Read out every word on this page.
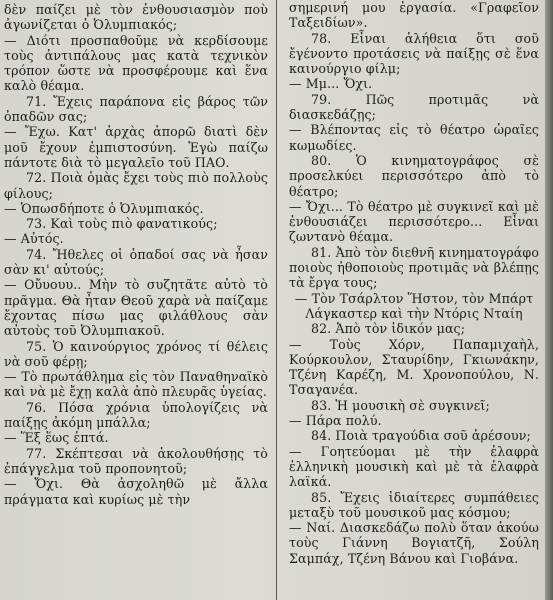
δὲν παίζει μὲ τὸν ἐνθουσιασμὸν ποὺ ἀγωνίζεται ὁ Ὀλυμπιακός;

— Διότι προσπαθοῦμε νὰ κερδίσουμε τοὺς ἀντιπάλους μας κατὰ τεχνικὸν τρόπον ὥστε νὰ προσφέρουμε καὶ ἕνα καλὸ θέαμα.

71. Ἔχεις παράπονα εἰς βάρος τῶν ὀπαδῶν σας;

— Ἔχω. Κατ' ἀρχὰς ἀπορῶ διατὶ δὲν μοῦ ἔχουν ἐμπιστοσύνη. Ἐγὼ παίζω πάντοτε διὰ τὸ μεγαλεῖο τοῦ ΠΑΟ.

72. Ποιὰ ὁμὰς ἔχει τοὺς πιὸ πολλοὺς φίλους;

— Ὁπωσδήποτε ὁ Ὀλυμπιακός.

73. Καὶ τοὺς πιὸ φανατικούς;

— Αὐτός.

74. Ἤθελες οἱ ὀπαδοί σας νὰ ἦσαν σὰν κι' αὐτούς;

— Οὔυουυ.. Μὴν τὸ συζητᾶτε αὐτὸ τὸ πρᾶγμα. Θὰ ἦταν Θεοῦ χαρὰ νὰ παίζαμε ἔχοντας πίσω μας φιλάθλους σὰν αὐτοὺς τοῦ Ὀλυμπιακοῦ.

75. Ὁ καινούργιος χρόνος τί θέλεις νὰ σοῦ φέρῃ;

— Τὸ πρωτάθλημα εἰς τὸν Παναθηναϊκὸ καὶ νὰ μὲ ἔχῃ καλὰ ἀπὸ πλευρᾶς ὑγείας.

76. Πόσα χρόνια ὑπολογίζεις νὰ παίξῃς ἀκόμη μπάλλα;

— Ἕξ ἕως ἑπτά.

77. Σκέπτεσαι νὰ ἀκολουθήσῃς τὸ ἐπάγγελμα τοῦ προπονητοῦ;

— Ὄχι. Θὰ ἀσχοληθῶ μὲ ἄλλα πράγματα καὶ κυρίως μὲ τὴν

σημερινή μου ἐργασία. «Γραφεῖον Ταξειδίων».

78. Εἶναι ἀλήθεια ὅτι σοῦ ἔγένοντο προτάσεις νὰ παίξῃς σὲ ἕνα καινούργιο φίλμ;

— Μμ... Ὄχι.

79. Πῶς προτιμᾶς νὰ διασκεδάζῃς;

— Βλέποντας εἰς τὸ θέατρο ὡραῖες κωμωδίες.

80. Ὁ κινηματογράφος σὲ προσελκύει περισσότερο ἀπὸ τὸ θέατρο;

— Ὄχι... Τὸ θέατρο μὲ συγκινεῖ καὶ μὲ ἐνθουσιάζει περισσότερο... Εἶναι ζωντανὸ θέαμα.

81. Ἀπὸ τὸν διεθνῆ κινηματογράφο ποιοὺς ἠθοποιοὺς προτιμᾶς νὰ βλέπῃς τὰ ἔργα τους;

— Τὸν Τσάρλτον Ἥστον, τὸν Μπάρτ Λάγκαστερ καὶ τὴν Ντόρις Νταίη

82. Ἀπὸ τὸν ἰδικόν μας;

— Τοὺς Χόρν, Παπαμιχαὴλ, Κούρκουλον, Σταυρίδην, Γκιωνάκην, Τζένη Καρέζη, Μ. Χρονοπούλου, Ν. Τσαγανέα.

83. Ἡ μουσικὴ σὲ συγκινεῖ;

— Πάρα πολύ.

84. Ποιὰ τραγούδια σοῦ ἀρέσουν;

— Γοητεύομαι μὲ τὴν ἐλαφρὰ ἑλληνικὴ μουσικὴ καὶ μὲ τὰ ἐλαφρὰ λαϊκά.

85. Ἔχεις ἰδιαίτερες συμπάθειες μεταξὺ τοῦ μουσικοῦ μας κόσμου;

— Ναί. Διασκεδάζω πολὺ ὅταν ἀκούω τοὺς Γιάννη Βογιατζῆ, Σούλη Σαμπάχ, Τζένη Βάνου καὶ Γιοβάνα.
